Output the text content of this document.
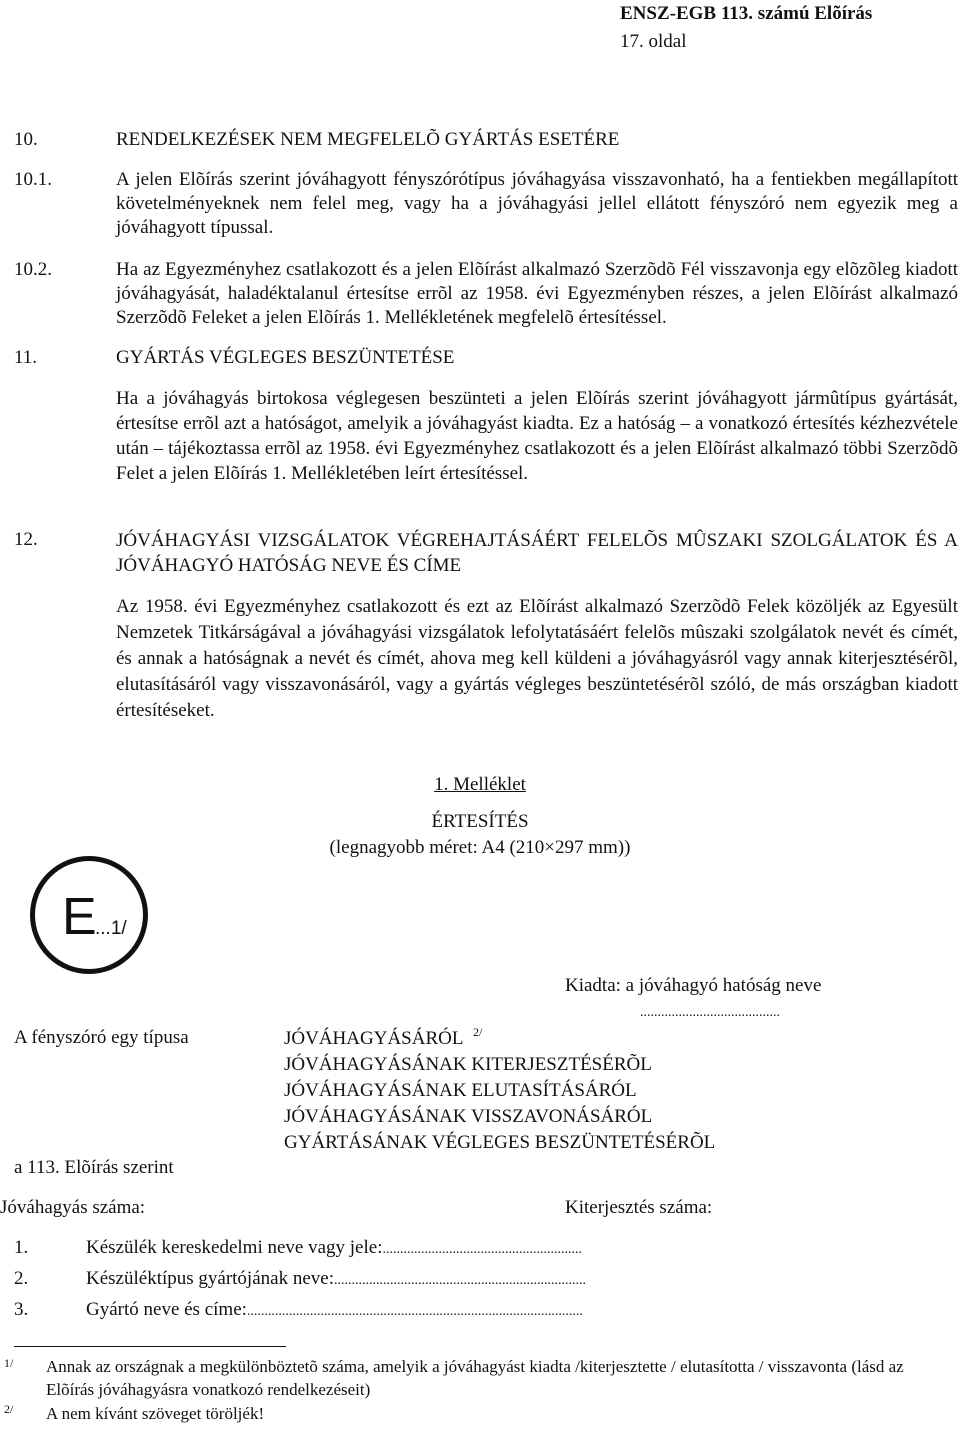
ENSZ-EGB 113. számú Elõírás
17. oldal
10.	RENDELKEZÉSEK NEM MEGFELELÕ GYÁRTÁS ESETÉRE
10.1.	A jelen Elõírás szerint jóváhagyott fényszórótípus jóváhagyása visszavonható, ha a fentiekben megállapított követelményeknek nem felel meg, vagy ha a jóváhagyási jellel ellátott fényszóró nem egyezik meg a jóváhagyott típussal.
10.2.	Ha az Egyezményhez csatlakozott és a jelen Elõírást alkalmazó Szerzõdõ Fél visszavonja egy elõzõleg kiadott jóváhagyását, haladéktalanul értesítse errõl az 1958. évi Egyezményben részes, a jelen Elõírást alkalmazó Szerzõdõ Feleket a jelen Elõírás 1. Mellékletének megfelelõ értesítéssel.
11.	GYÁRTÁS VÉGLEGES BESZÜNTETÉSE
Ha a jóváhagyás birtokosa véglegesen beszünteti a jelen Elõírás szerint jóváhagyott jármûtípus gyártását, értesítse errõl azt a hatóságot, amelyik a jóváhagyást kiadta. Ez a hatóság – a vonatkozó értesítés kézhezvétele után – tájékoztassa errõl az 1958. évi Egyezményhez csatlakozott és a jelen Elõírást alkalmazó többi Szerzõdõ Felet a jelen Elõírás 1. Mellékletében leírt értesítéssel.
12.	JÓVÁHAGYÁSI VIZSGÁLATOK VÉGREHAJTÁSÁÉRT FELELÕS MÛSZAKI SZOLGÁLATOK ÉS A JÓVÁHAGYÓ HATÓSÁG NEVE ÉS CÍME
Az 1958. évi Egyezményhez csatlakozott és ezt az Elõírást alkalmazó Szerzõdõ Felek közöljék az Egyesült Nemzetek Titkárságával a jóváhagyási vizsgálatok lefolytatásáért felelõs mûszaki szolgálatok nevét és címét, és annak a hatóságnak a nevét és címét, ahova meg kell küldeni a jóváhagyásról vagy annak kiterjesztésérõl, elutasításáról vagy visszavonásáról, vagy a gyártás végleges beszüntetésérõl szóló, de más országban kiadott értesítéseket.
1. Melléklet
ÉRTESÍTÉS
(legnagyobb méret: A4 (210×297 mm))
E
...1/
Kiadta: a jóváhagyó hatóság neve
........................................
A fényszóró egy típusa	JÓVÁHAGYÁSÁRÓL $^{2/}$
JÓVÁHAGYÁSÁNAK KITERJESZTÉSÉRÕL
JÓVÁHAGYÁSÁNAK ELUTASÍTÁSÁRÓL
JÓVÁHAGYÁSÁNAK VISSZAVONÁSÁRÓL
GYÁRTÁSÁNAK VÉGLEGES BESZÜNTETÉSÉRÕL
a 113. Elõírás szerint
Jóváhagyás száma:	Kiterjesztés száma:
1.	Készülék kereskedelmi neve vagy jele:.........................................................
2.	Készüléktípus gyártójának neve:........................................................................
3.	Gyártó neve és címe:................................................................................................
1/ Annak az országnak a megkülönböztetõ száma, amelyik a jóváhagyást kiadta /kiterjesztette / elutasította / visszavonta (lásd az Elõírás jóváhagyásra vonatkozó rendelkezéseit)
2/ A nem kívánt szöveget töröljék!
